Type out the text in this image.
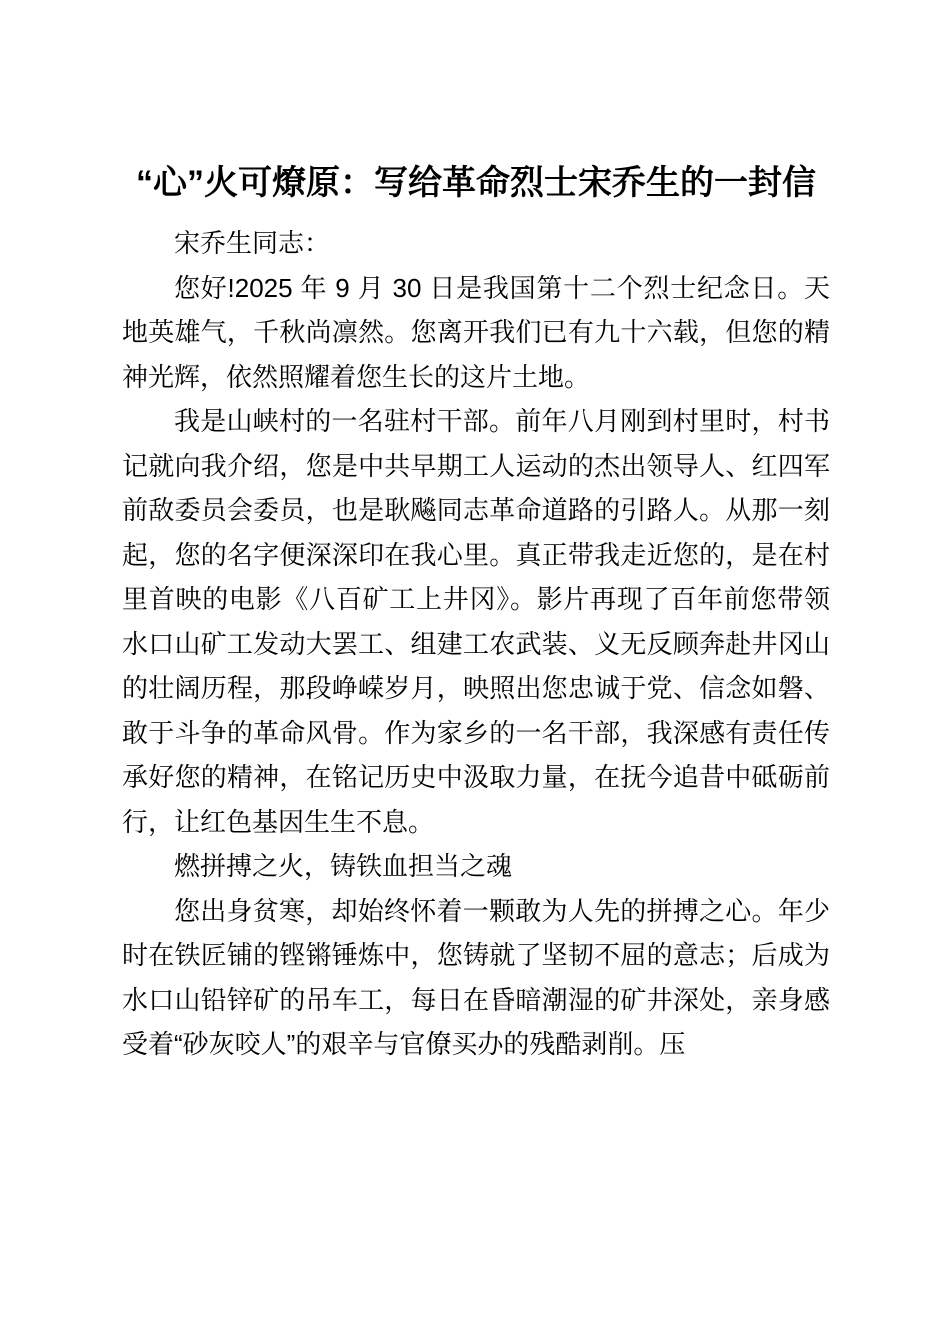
“心”火可燎原：写给革命烈士宋乔生的一封信

宋乔生同志：

您好!2025 年 9 月 30 日是我国第十二个烈士纪念日。天地英雄气，千秋尚凛然。您离开我们已有九十六载，但您的精神光辉，依然照耀着您生长的这片土地。

我是山峡村的一名驻村干部。前年八月刚到村里时，村书记就向我介绍，您是中共早期工人运动的杰出领导人、红四军前敌委员会委员，也是耿飚同志革命道路的引路人。从那一刻起，您的名字便深深印在我心里。真正带我走近您的，是在村里首映的电影《八百矿工上井冈》。影片再现了百年前您带领水口山矿工发动大罢工、组建工农武装、义无反顾奔赴井冈山的壮阔历程，那段峥嵘岁月，映照出您忠诚于党、信念如磐、敢于斗争的革命风骨。作为家乡的一名干部，我深感有责任传承好您的精神，在铭记历史中汲取力量，在抚今追昔中砥砺前行，让红色基因生生不息。

燃拼搏之火，铸铁血担当之魂

您出身贫寒，却始终怀着一颗敢为人先的拼搏之心。年少时在铁匠铺的铿锵锤炼中，您铸就了坚韧不屈的意志；后成为水口山铅锌矿的吊车工，每日在昏暗潮湿的矿井深处，亲身感受着“砂灰咬人”的艰辛与官僚买办的残酷剥削。压
